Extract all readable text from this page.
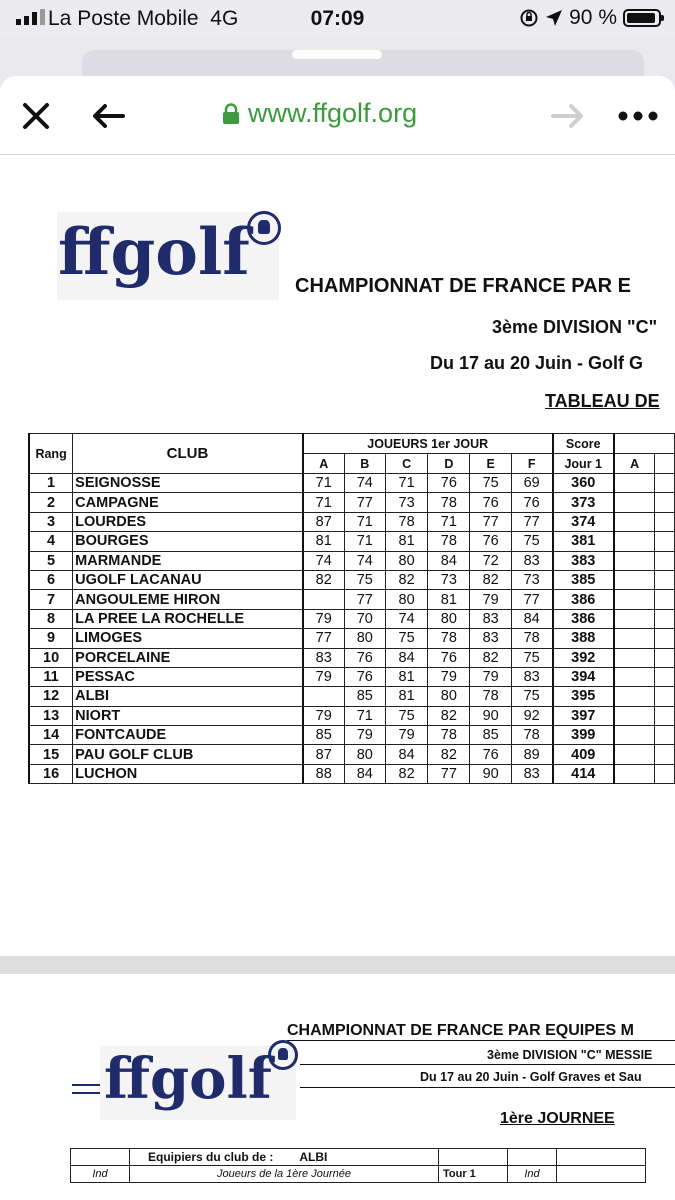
La Poste Mobile 4G	07:09	90 %
www.ffgolf.org
ffgolf CHAMPIONNAT DE FRANCE PAR E
3ème DIVISION "C"
Du 17 au 20 Juin - Golf G
TABLEAU DE
Rang	CLUB	JOUEURS 1er JOUR						Score		
		A	B	C	D	E	F	Jour 1	A	
1	SEIGNOSSE	71	74	71	76	75	69	360		
2	CAMPAGNE	71	77	73	78	76	76	373		
3	LOURDES	87	71	78	71	77	77	374		
4	BOURGES	81	71	81	78	76	75	381		
5	MARMANDE	74	74	80	84	72	83	383		
6	UGOLF LACANAU	82	75	82	73	82	73	385		
7	ANGOULEME HIRON		77	80	81	79	77	386		
8	LA PREE LA ROCHELLE	79	70	74	80	83	84	386		
9	LIMOGES	77	80	75	78	83	78	388		
10	PORCELAINE	83	76	84	76	82	75	392		
11	PESSAC	79	76	81	79	79	83	394		
12	ALBI		85	81	80	78	75	395		
13	NIORT	79	71	75	82	90	92	397		
14	FONTCAUDE	85	79	79	78	85	78	399		
15	PAU GOLF CLUB	87	80	84	82	76	89	409		
16	LUCHON	88	84	82	77	90	83	414		
ffgolf
CHAMPIONNAT DE FRANCE PAR EQUIPES M
3ème DIVISION "C" MESSIE
Du 17 au 20 Juin - Golf Graves et Sau
1ère JOURNEE
	Equipiers du club de : ALBI			
Ind	Joueurs de la 1ère Journée	Tour 1	Ind	
